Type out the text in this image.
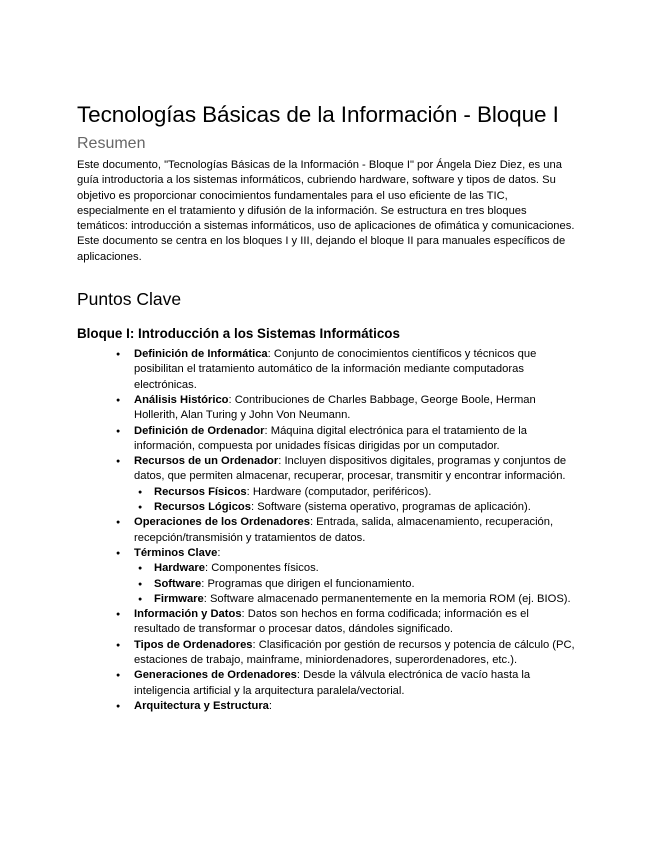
Tecnologías Básicas de la Información - Bloque I
Resumen

Este documento, "Tecnologías Básicas de la Información - Bloque I" por Ángela Diez Diez, es una guía introductoria a los sistemas informáticos, cubriendo hardware, software y tipos de datos. Su objetivo es proporcionar conocimientos fundamentales para el uso eficiente de las TIC, especialmente en el tratamiento y difusión de la información. Se estructura en tres bloques temáticos: introducción a sistemas informáticos, uso de aplicaciones de ofimática y comunicaciones. Este documento se centra en los bloques I y III, dejando el bloque II para manuales específicos de aplicaciones.

Puntos Clave
Bloque I: Introducción a los Sistemas Informáticos
● Definición de Informática: Conjunto de conocimientos científicos y técnicos que posibilitan el tratamiento automático de la información mediante computadoras electrónicas.
● Análisis Histórico: Contribuciones de Charles Babbage, George Boole, Herman Hollerith, Alan Turing y John Von Neumann.
● Definición de Ordenador: Máquina digital electrónica para el tratamiento de la información, compuesta por unidades físicas dirigidas por un computador.
● Recursos de un Ordenador: Incluyen dispositivos digitales, programas y conjuntos de datos, que permiten almacenar, recuperar, procesar, transmitir y encontrar información.
● Recursos Físicos: Hardware (computador, periféricos).
● Recursos Lógicos: Software (sistema operativo, programas de aplicación).
● Operaciones de los Ordenadores: Entrada, salida, almacenamiento, recuperación, recepción/transmisión y tratamientos de datos.
● Términos Clave:
● Hardware: Componentes físicos.
● Software: Programas que dirigen el funcionamiento.
● Firmware: Software almacenado permanentemente en la memoria ROM (ej. BIOS).
● Información y Datos: Datos son hechos en forma codificada; información es el resultado de transformar o procesar datos, dándoles significado.
● Tipos de Ordenadores: Clasificación por gestión de recursos y potencia de cálculo (PC, estaciones de trabajo, mainframe, miniordenadores, superordenadores, etc.).
● Generaciones de Ordenadores: Desde la válvula electrónica de vacío hasta la inteligencia artificial y la arquitectura paralela/vectorial.
● Arquitectura y Estructura:
